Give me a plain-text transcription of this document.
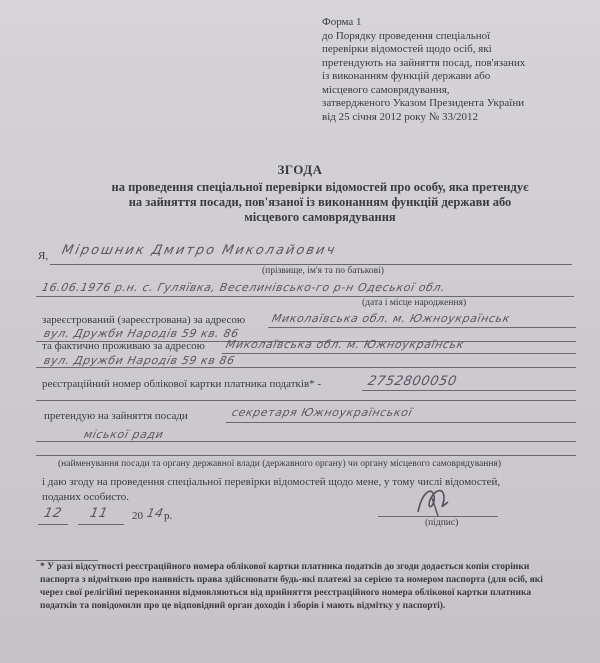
Форма 1
до Порядку проведення спеціальної
перевірки відомостей щодо осіб, які
претендують на зайняття посад, пов'язаних
із виконанням функцій держави або
місцевого самоврядування,
затвердженого Указом Президента України
від 25 січня 2012 року № 33/2012
ЗГОДА
на проведення спеціальної перевірки відомостей про особу, яка претендує
на зайняття посади, пов'язаної із виконанням функцій держави або
місцевого самоврядування
Я, Мірошник Дмитро Миколайович
(прізвище, ім'я та по батькові)
16.06.1976 р.н. с. Гуляївка, Веселинівсько-го р-н Одеської обл.
(дата і місце народження)
зареєстрований (зареєстрована) за адресою Миколаївська обл. м. Южноукраїнськ
вул. Дружби Народів 59 кв. 86
та фактично проживаю за адресою Миколаївська обл. м. Южноукраїнськ
вул. Дружби Народів 59 кв 86
реєстраційний номер облікової картки платника податків* -	2752800050
претендую на зайняття посади	секретаря Южноукраїнської
міської ради
(найменування посади та органу державної влади (державного органу) чи органу місцевого самоврядування)
і даю згоду на проведення спеціальної перевірки відомостей щодо мене, у тому числі відомостей,
поданих особисто.
12 11 20 14 р.
(підпис)
* У разі відсутності реєстраційного номера облікової картки платника податків до згоди додається копія сторінки
паспорта з відміткою про наявність права здійснювати будь-які платежі за серією та номером паспорта (для осіб, які
через свої релігійні переконання відмовляються від прийняття реєстраційного номера облікової картки платника
податків та повідомили про це відповідний орган доходів і зборів і мають відмітку у паспорті).
